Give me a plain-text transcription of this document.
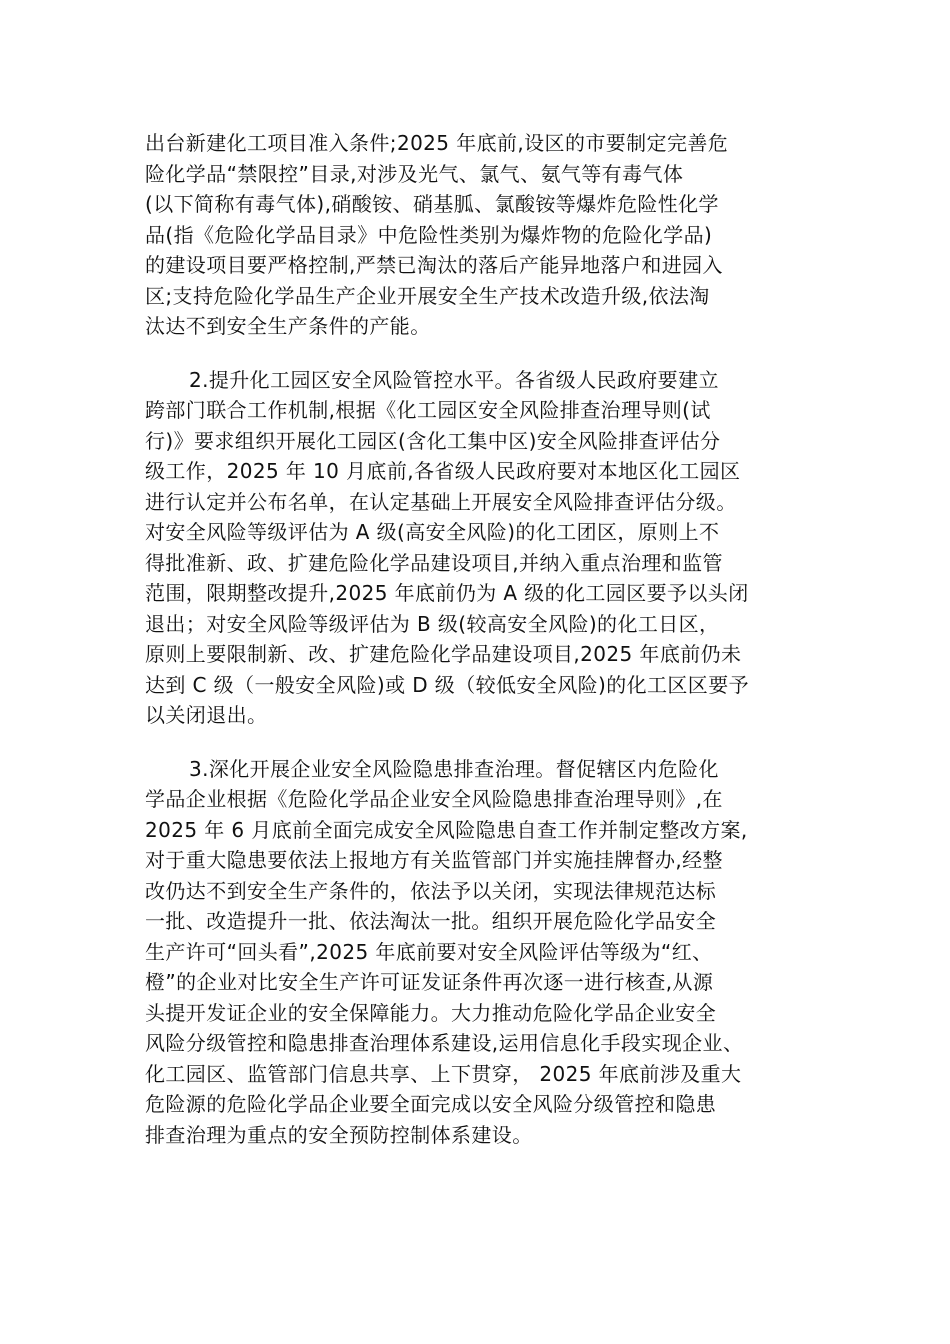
出台新建化工项目准入条件;2025 年底前,设区的市要制定完善危
险化学品“禁限控”目录,对涉及光气、氯气、氨气等有毒气体
(以下简称有毒气体),硝酸铵、硝基胍、氯酸铵等爆炸危险性化学
品(指《危险化学品目录》中危险性类别为爆炸物的危险化学品)
的建设项目要严格控制,严禁已淘汰的落后产能异地落户和进园入
区;支持危险化学品生产企业开展安全生产技术改造升级,依法淘
汰达不到安全生产条件的产能。

2.提升化工园区安全风险管控水平。各省级人民政府要建立
跨部门联合工作机制,根据《化工园区安全风险排查治理导则(试
行)》要求组织开展化工园区(含化工集中区)安全风险排查评估分
级工作，2025 年 10 月底前,各省级人民政府要对本地区化工园区
进行认定并公布名单，在认定基础上开展安全风险排查评估分级。
对安全风险等级评估为 A 级(高安全风险)的化工团区，原则上不
得批准新、政、扩建危险化学品建设项目,并纳入重点治理和监管
范围，限期整改提升,2025 年底前仍为 A 级的化工园区要予以头闭
退出；对安全风险等级评估为 B 级(较高安全风险)的化工日区，
原则上要限制新、改、扩建危险化学品建设项目,2025 年底前仍未
达到 C 级（一般安全风险)或 D 级（较低安全风险)的化工区区要予
以关闭退出。

3.深化开展企业安全风险隐患排查治理。督促辖区内危险化
学品企业根据《危险化学品企业安全风险隐患排查治理导则》,在
2025 年 6 月底前全面完成安全风险隐患自查工作并制定整改方案,
对于重大隐患要依法上报地方有关监管部门并实施挂牌督办,经整
改仍达不到安全生产条件的，依法予以关闭，实现法律规范达标
一批、改造提升一批、依法淘汰一批。组织开展危险化学品安全
生产许可“回头看”,2025 年底前要对安全风险评估等级为“红、
橙”的企业对比安全生产许可证发证条件再次逐一进行核查,从源
头提开发证企业的安全保障能力。大力推动危险化学品企业安全
风险分级管控和隐患排查治理体系建设,运用信息化手段实现企业、
化工园区、监管部门信息共享、上下贯穿， 2025 年底前涉及重大
危险源的危险化学品企业要全面完成以安全风险分级管控和隐患
排查治理为重点的安全预防控制体系建设。
